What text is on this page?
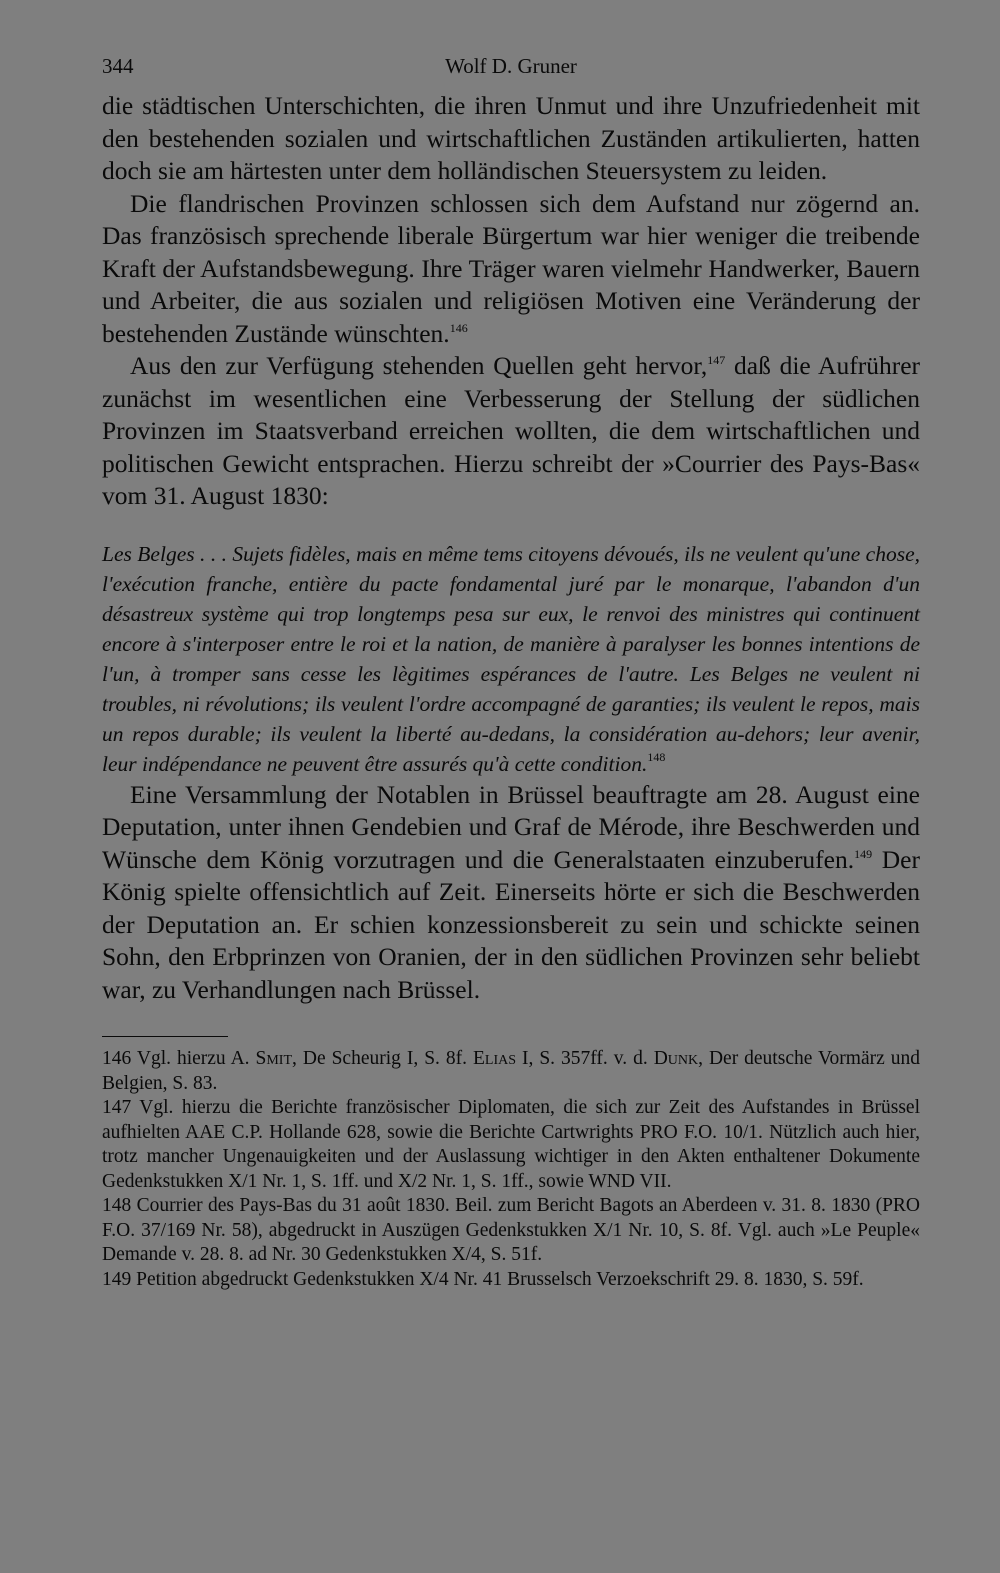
344	Wolf D. Gruner

die städtischen Unterschichten, die ihren Unmut und ihre Unzufriedenheit mit den bestehenden sozialen und wirtschaftlichen Zuständen artikulierten, hatten doch sie am härtesten unter dem holländischen Steuersystem zu leiden.

Die flandrischen Provinzen schlossen sich dem Aufstand nur zögernd an. Das französisch sprechende liberale Bürgertum war hier weniger die treibende Kraft der Aufstandsbewegung. Ihre Träger waren vielmehr Handwerker, Bauern und Arbeiter, die aus sozialen und religiösen Motiven eine Veränderung der bestehenden Zustände wünschten.$^{146}$

Aus den zur Verfügung stehenden Quellen geht hervor,$^{147}$ daß die Aufrührer zunächst im wesentlichen eine Verbesserung der Stellung der südlichen Provinzen im Staatsverband erreichen wollten, die dem wirtschaftlichen und politischen Gewicht entsprachen. Hierzu schreibt der »Courrier des Pays-Bas« vom 31. August 1830:

Les Belges . . . Sujets fidèles, mais en même tems citoyens dévoués, ils ne veulent qu'une chose, l'exécution franche, entière du pacte fondamental juré par le monarque, l'abandon d'un désastreux système qui trop longtemps pesa sur eux, le renvoi des ministres qui continuent encore à s'interposer entre le roi et la nation, de manière à paralyser les bonnes intentions de l'un, à tromper sans cesse les lègitimes espérances de l'autre. Les Belges ne veulent ni troubles, ni révolutions; ils veulent l'ordre accompagné de garanties; ils veulent le repos, mais un repos durable; ils veulent la liberté au-dedans, la considération au-dehors; leur avenir, leur indépendance ne peuvent être assurés qu'à cette condition.$^{148}$

Eine Versammlung der Notablen in Brüssel beauftragte am 28. August eine Deputation, unter ihnen Gendebien und Graf de Mérode, ihre Beschwerden und Wünsche dem König vorzutragen und die Generalstaaten einzuberufen.$^{149}$ Der König spielte offensichtlich auf Zeit. Einerseits hörte er sich die Beschwerden der Deputation an. Er schien konzessionsbereit zu sein und schickte seinen Sohn, den Erbprinzen von Oranien, der in den südlichen Provinzen sehr beliebt war, zu Verhandlungen nach Brüssel.

146 Vgl. hierzu A. Smit, De Scheurig I, S. 8f. Elias I, S. 357ff. v. d. Dunk, Der deutsche Vormärz und Belgien, S. 83.

147 Vgl. hierzu die Berichte französischer Diplomaten, die sich zur Zeit des Aufstandes in Brüssel aufhielten AAE C.P. Hollande 628, sowie die Berichte Cartwrights PRO F.O. 10/1. Nützlich auch hier, trotz mancher Ungenauigkeiten und der Auslassung wichtiger in den Akten enthaltener Dokumente Gedenkstukken X/1 Nr. 1, S. 1ff. und X/2 Nr. 1, S. 1ff., sowie WND VII.

148 Courrier des Pays-Bas du 31 août 1830. Beil. zum Bericht Bagots an Aberdeen v. 31. 8. 1830 (PRO F.O. 37/169 Nr. 58), abgedruckt in Auszügen Gedenkstukken X/1 Nr. 10, S. 8f. Vgl. auch »Le Peuple« Demande v. 28. 8. ad Nr. 30 Gedenkstukken X/4, S. 51f.

149 Petition abgedruckt Gedenkstukken X/4 Nr. 41 Brusselsch Verzoekschrift 29. 8. 1830, S. 59f.
